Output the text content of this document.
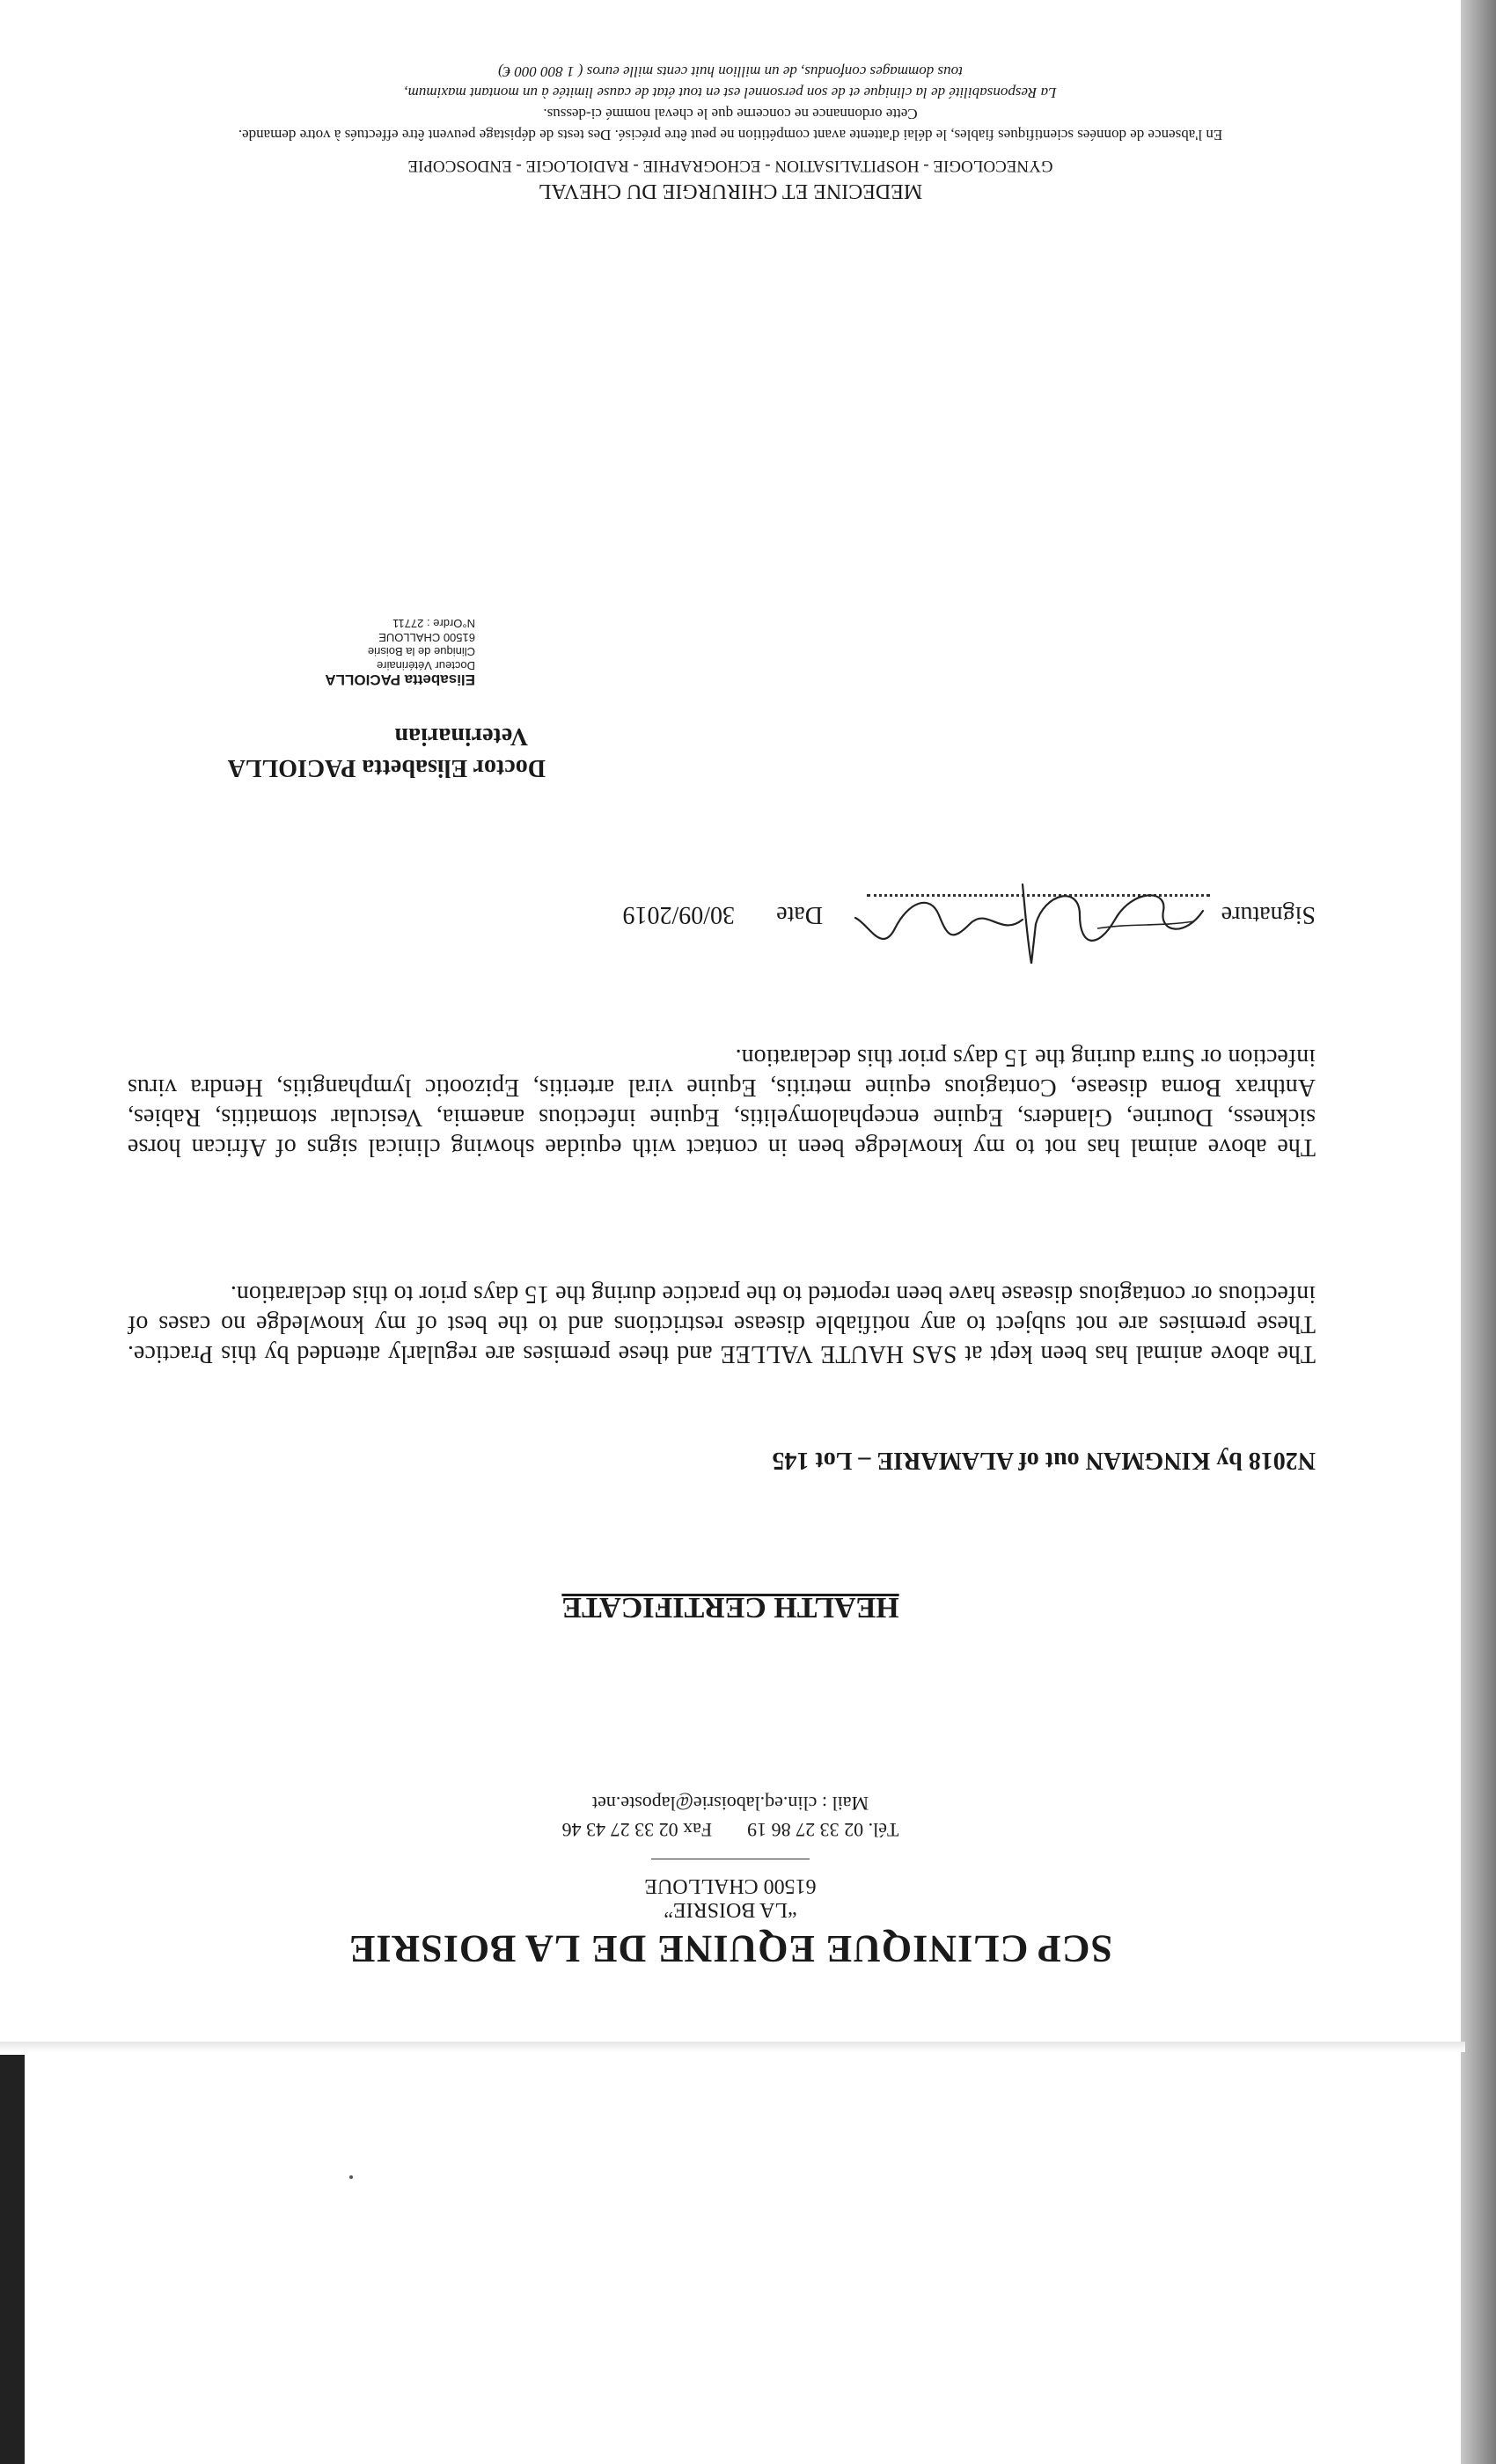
SCP CLINIQUE EQUINE DE LA BOISRIE
“LA BOISRIE”
61500 CHALLOUE
Tél. 02 33 27 86 19Fax 02 33 27 43 46
Mail : clin.eq.laboisrie@laposte.net
HEALTH CERTIFICATE
N2018 by KINGMAN out of ALAMARIE – Lot 145
The above animal has been kept at SAS HAUTE VALLEE and these premises are regularly attended by this Practice. These premises are not subject to any notifiable disease restrictions and to the best of my knowledge no cases of infectious or contagious disease have been reported to the practice during the 15 days prior to this declaration.
The above animal has not to my knowledge been in contact with equidae showing clinical signs of African horse sickness, Dourine, Glanders, Equine encephalomyelitis, Equine infectious anaemia, Vesicular stomatitis, Rabies, Anthrax Borna disease, Contagious equine metritis, Equine viral arteritis, Epizootic lymphangitis, Hendra virus infection or Surra during the 15 days prior this declaration.
Signature
Date
30/09/2019
Doctor Elisabetta PACIOLLA
Veterinarian
Elisabetta PACIOLLA
Docteur Vétérinaire
Clinique de la Boisrie
61500 CHALLOUE
N°Ordre : 27711
MEDECINE ET CHIRURGIE DU CHEVAL
GYNECOLOGIE - HOSPITALISATION - ECHOGRAPHIE - RADIOLOGIE - ENDOSCOPIE
En l'absence de données scientifiques fiables, le délai d'attente avant compétition ne peut être précisé. Des tests de dépistage peuvent être effectués à votre demande.
Cette ordonnance ne concerne que le cheval nommé ci-dessus.
La Responsabilité de la clinique et de son personnel est en tout état de cause limitée à un montant maximum,
tous dommages confondus, de un million huit cents mille euros ( 1 800 000 €)
